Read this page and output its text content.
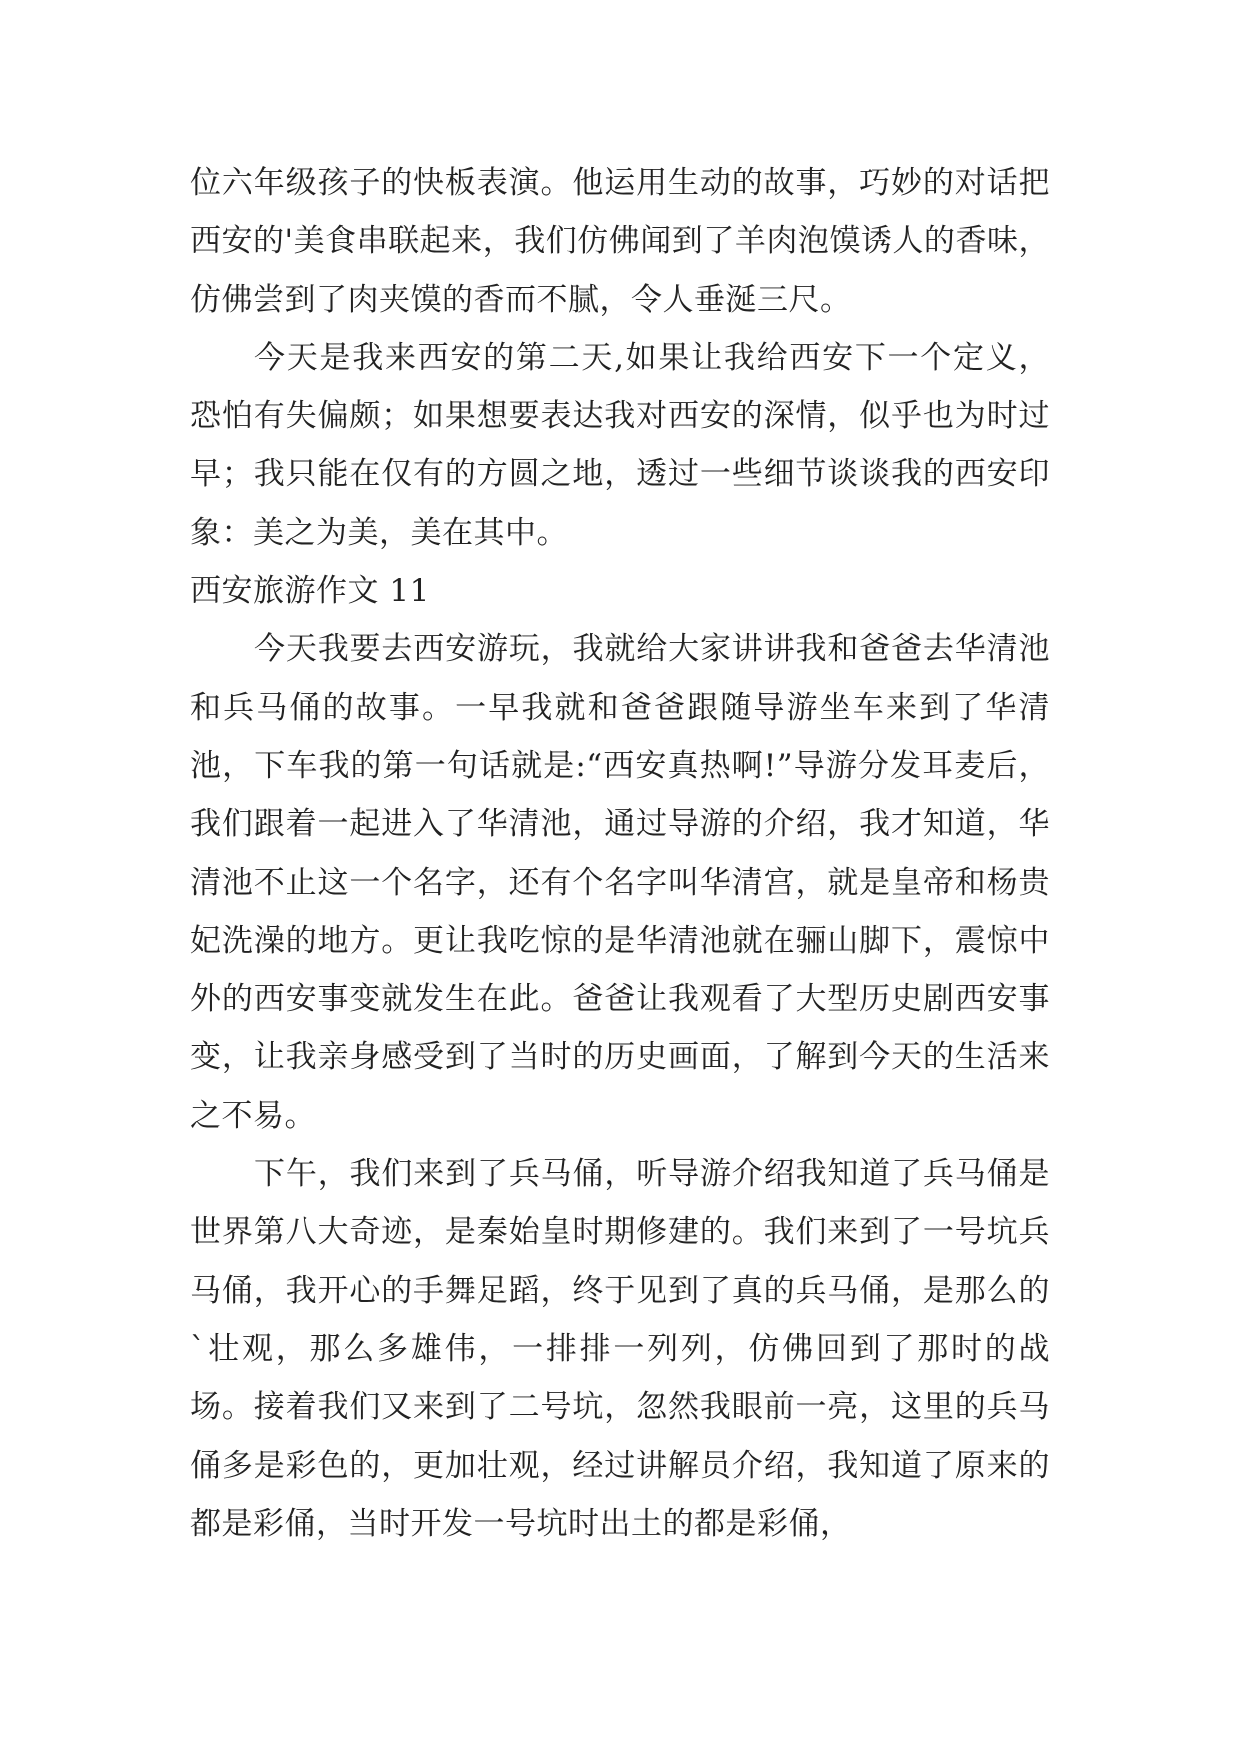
位六年级孩子的快板表演。他运用生动的故事，巧妙的对话把西安的'美食串联起来，我们仿佛闻到了羊肉泡馍诱人的香味，仿佛尝到了肉夹馍的香而不腻，令人垂涎三尺。

今天是我来西安的第二天,如果让我给西安下一个定义，恐怕有失偏颇；如果想要表达我对西安的深情，似乎也为时过早；我只能在仅有的方圆之地，透过一些细节谈谈我的西安印象：美之为美，美在其中。

西安旅游作文 11

今天我要去西安游玩，我就给大家讲讲我和爸爸去华清池和兵马俑的故事。一早我就和爸爸跟随导游坐车来到了华清池，下车我的第一句话就是:“西安真热啊!”导游分发耳麦后，我们跟着一起进入了华清池，通过导游的介绍，我才知道，华清池不止这一个名字，还有个名字叫华清宫，就是皇帝和杨贵妃洗澡的地方。更让我吃惊的是华清池就在骊山脚下，震惊中外的西安事变就发生在此。爸爸让我观看了大型历史剧西安事变，让我亲身感受到了当时的历史画面，了解到今天的生活来之不易。

下午，我们来到了兵马俑，听导游介绍我知道了兵马俑是世界第八大奇迹，是秦始皇时期修建的。我们来到了一号坑兵马俑，我开心的手舞足蹈，终于见到了真的兵马俑，是那么的`壮观，那么多雄伟，一排排一列列，仿佛回到了那时的战场。接着我们又来到了二号坑，忽然我眼前一亮，这里的兵马俑多是彩色的，更加壮观，经过讲解员介绍，我知道了原来的都是彩俑，当时开发一号坑时出土的都是彩俑，
